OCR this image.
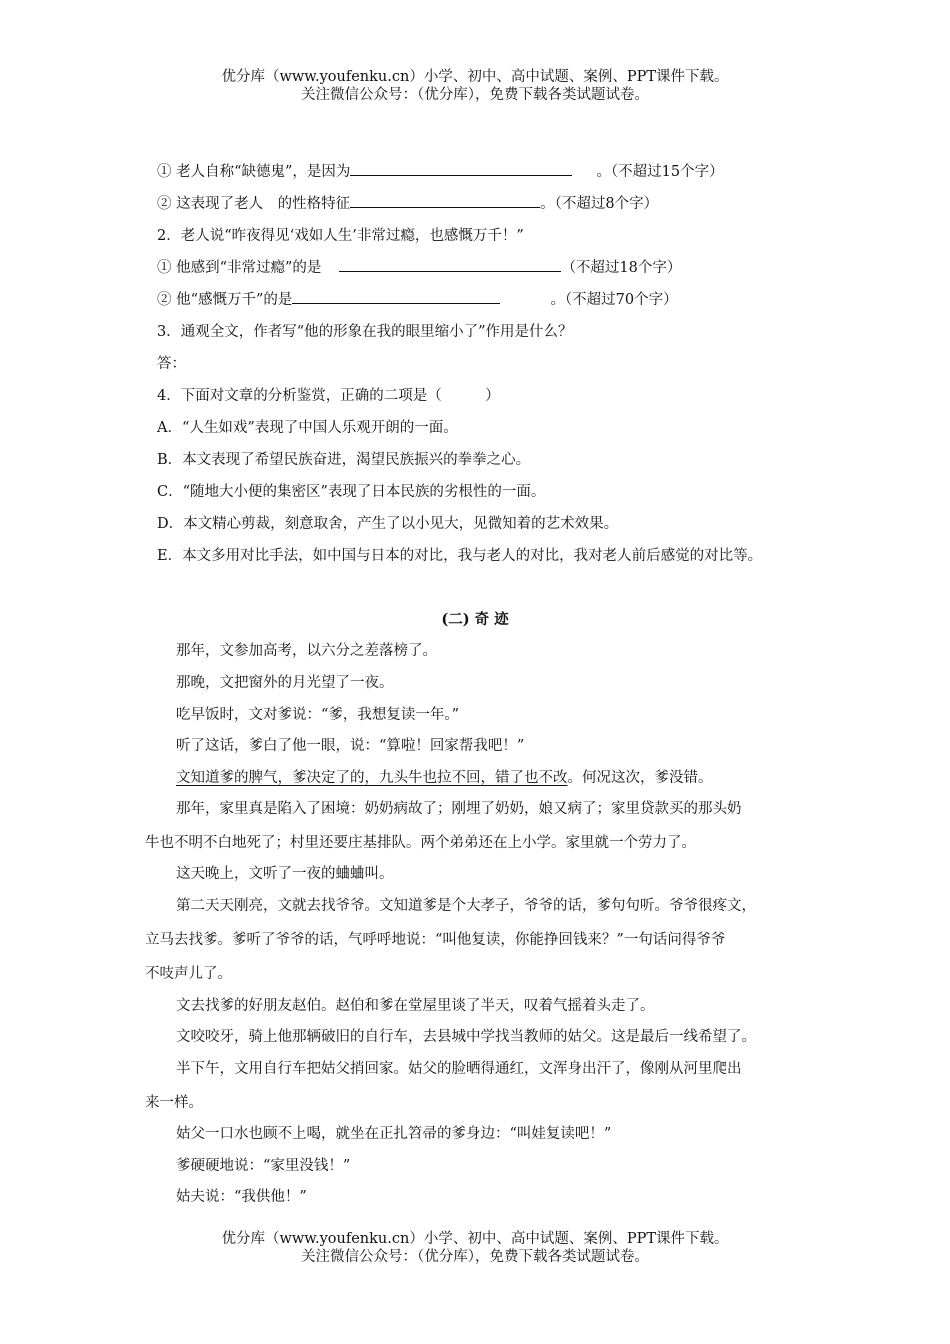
优分库（www.youfenku.cn）小学、初中、高中试题、案例、PPT课件下载。
关注微信公众号：（优分库），免费下载各类试题试卷。
① 老人自称“缺德鬼”，是因为	。（不超过15个字）
② 这表现了老人　的性格特征	。（不超过8个字）
2．老人说“昨夜得见‘戏如人生’非常过瘾，也感慨万千！”
① 他感到“非常过瘾”的是	（不超过18个字）
② 他“感慨万千”的是	。（不超过70个字）
3．通观全文，作者写“他的形象在我的眼里缩小了”作用是什么？
答：
4．下面对文章的分析鉴赏，正确的二项是（　　　）
A．“人生如戏”表现了中国人乐观开朗的一面。
B．本文表现了希望民族奋进，渴望民族振兴的拳拳之心。
C．“随地大小便的集密区”表现了日本民族的劣根性的一面。
D．本文精心剪裁，刻意取舍，产生了以小见大，见微知着的艺术效果。
E．本文多用对比手法，如中国与日本的对比，我与老人的对比，我对老人前后感觉的对比等。
(二) 奇 迹
那年，文参加高考，以六分之差落榜了。
那晚，文把窗外的月光望了一夜。
吃早饭时，文对爹说：“爹，我想复读一年。”
听了这话，爹白了他一眼，说：“算啦！回家帮我吧！”
文知道爹的脾气，爹决定了的，九头牛也拉不回，错了也不改。何况这次，爹没错。
那年，家里真是陷入了困境：奶奶病故了；刚埋了奶奶，娘又病了；家里贷款买的那头奶
牛也不明不白地死了；村里还要庄基排队。两个弟弟还在上小学。家里就一个劳力了。
这天晚上，文听了一夜的蛐蛐叫。
第二天天刚亮，文就去找爷爷。文知道爹是个大孝子，爷爷的话，爹句句听。爷爷很疼文，
立马去找爹。爹听了爷爷的话，气呼呼地说：“叫他复读，你能挣回钱来？”一句话问得爷爷
不吱声儿了。
文去找爹的好朋友赵伯。赵伯和爹在堂屋里谈了半天，叹着气摇着头走了。
文咬咬牙，骑上他那辆破旧的自行车，去县城中学找当教师的姑父。这是最后一线希望了。
半下午，文用自行车把姑父捎回家。姑父的脸晒得通红，文浑身出汗了，像刚从河里爬出
来一样。
姑父一口水也顾不上喝，就坐在正扎笤帚的爹身边：“叫娃复读吧！”
爹硬硬地说：“家里没钱！”
姑夫说：“我供他！”
优分库（www.youfenku.cn）小学、初中、高中试题、案例、PPT课件下载。
关注微信公众号：（优分库），免费下载各类试题试卷。
